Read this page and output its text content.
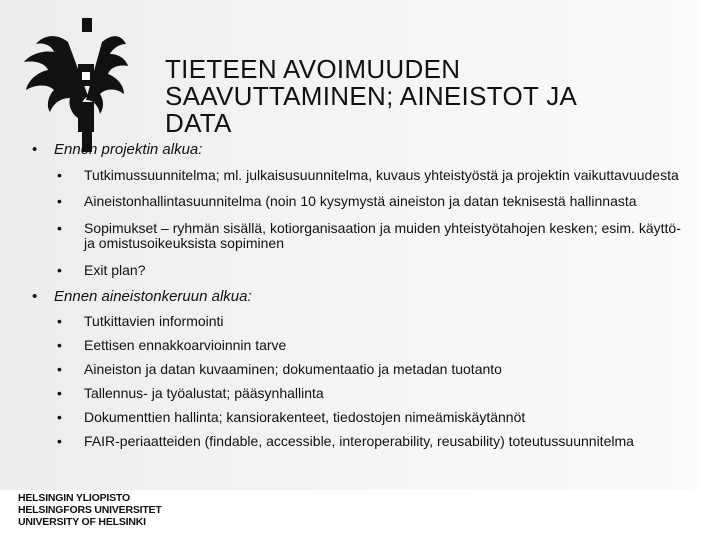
TIETEEN AVOIMUUDEN
SAAVUTTAMINEN; AINEISTOT JA
DATA
• Ennen projektin alkua:
• Tutkimussuunnitelma; ml. julkaisusuunnitelma, kuvaus yhteistyöstä ja projektin vaikuttavuudesta
• Aineistonhallintasuunnitelma (noin 10 kysymystä aineiston ja datan teknisestä hallinnasta
• Sopimukset – ryhmän sisällä, kotiorganisaation ja muiden yhteistyötahojen kesken; esim. käyttö- ja omistusoikeuksista sopiminen
• Exit plan?
• Ennen aineistonkeruun alkua:
• Tutkittavien informointi
• Eettisen ennakkoarvioinnin tarve
• Aineiston ja datan kuvaaminen; dokumentaatio ja metadan tuotanto
• Tallennus- ja työalustat; pääsynhallinta
• Dokumenttien hallinta; kansiorakenteet, tiedostojen nimeämiskäytännöt
• FAIR-periaatteiden (findable, accessible, interoperability, reusability) toteutussuunnitelma
HELSINGIN YLIOPISTO
HELSINGFORS UNIVERSITET
UNIVERSITY OF HELSINKI
